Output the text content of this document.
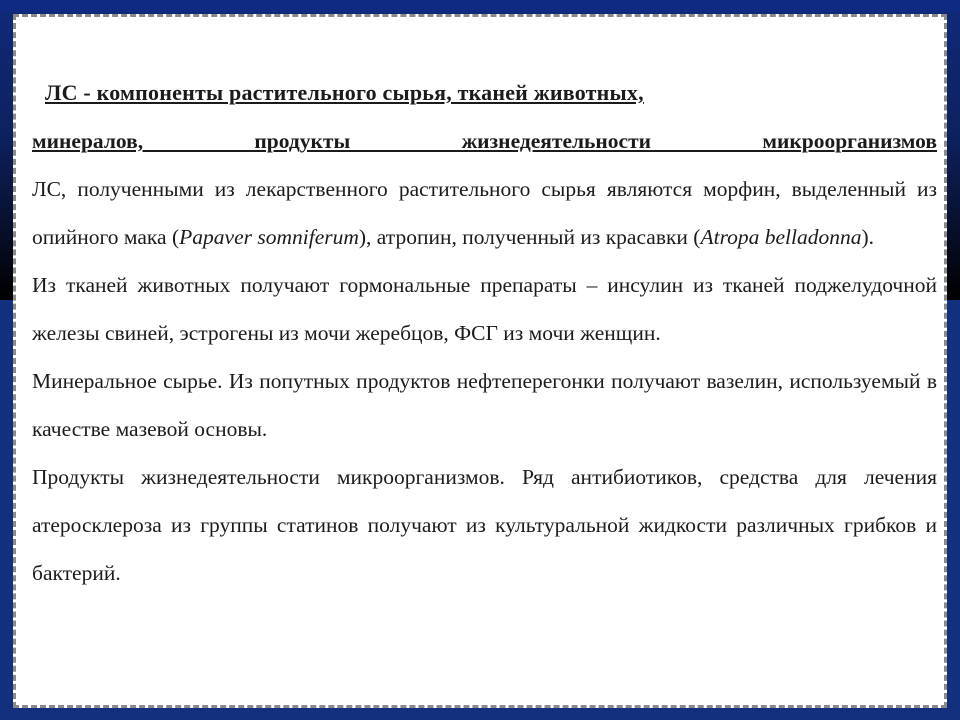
ЛС - компоненты растительного сырья, тканей животных,

минералов, продукты жизнедеятельности микроорганизмов

ЛС, полученными из лекарственного растительного сырья являются морфин, выделенный из опийного мака (Papaver somniferum), атропин, полученный из красавки (Atropa belladonna).

Из тканей животных получают гормональные препараты – инсулин из тканей поджелудочной железы свиней, эстрогены из мочи жеребцов, ФСГ из мочи женщин.

Минеральное сырье. Из попутных продуктов нефтеперегонки получают вазелин, используемый в качестве мазевой основы.

Продукты жизнедеятельности микроорганизмов. Ряд антибиотиков, средства для лечения атеросклероза из группы статинов получают из культуральной жидкости различных грибков и бактерий.
